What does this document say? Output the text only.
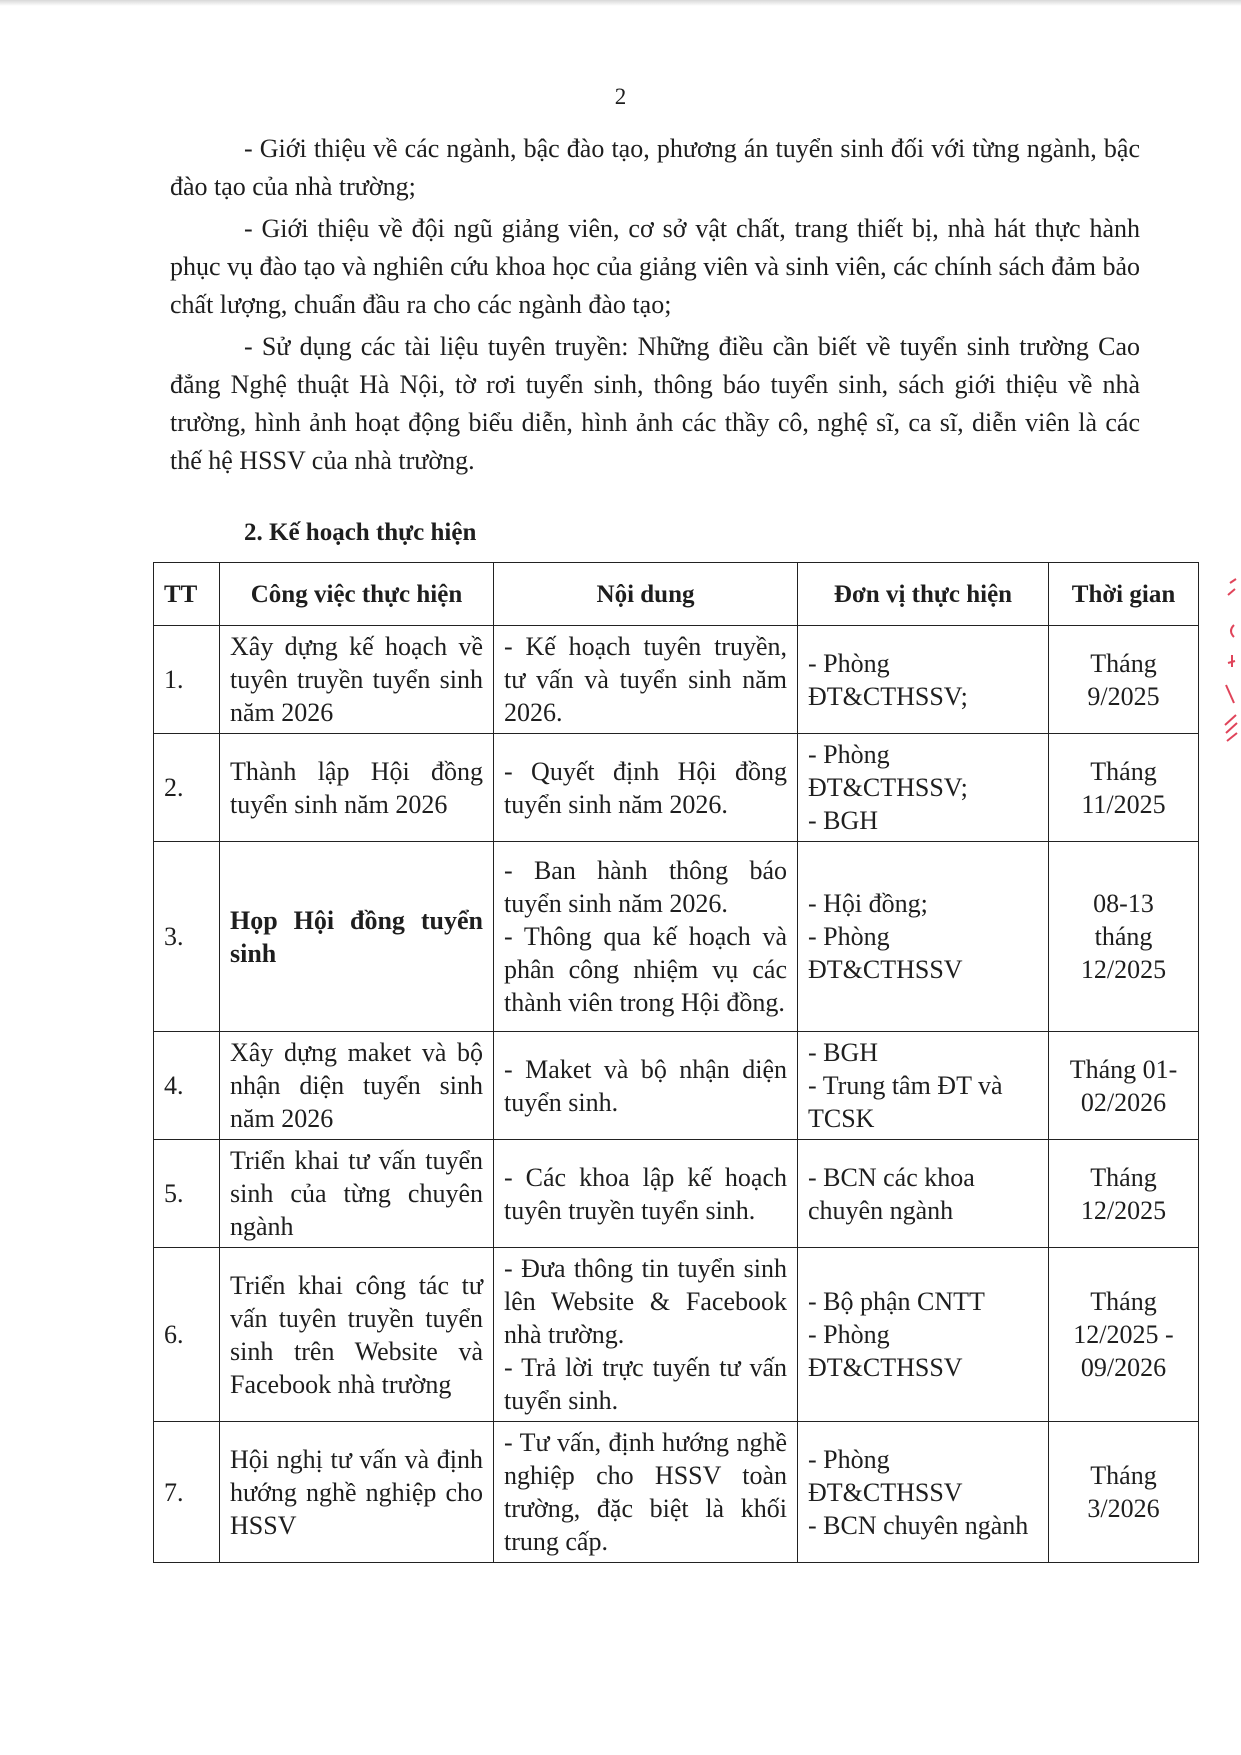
2

- Giới thiệu về các ngành, bậc đào tạo, phương án tuyển sinh đối với từng ngành, bậc đào tạo của nhà trường;

- Giới thiệu về đội ngũ giảng viên, cơ sở vật chất, trang thiết bị, nhà hát thực hành phục vụ đào tạo và nghiên cứu khoa học của giảng viên và sinh viên, các chính sách đảm bảo chất lượng, chuẩn đầu ra cho các ngành đào tạo;

- Sử dụng các tài liệu tuyên truyền: Những điều cần biết về tuyển sinh trường Cao đẳng Nghệ thuật Hà Nội, tờ rơi tuyển sinh, thông báo tuyển sinh, sách giới thiệu về nhà trường, hình ảnh hoạt động biểu diễn, hình ảnh các thầy cô, nghệ sĩ, ca sĩ, diễn viên là các thế hệ HSSV của nhà trường.

2. Kế hoạch thực hiện
TT	Công việc thực hiện	Nội dung	Đơn vị thực hiện	Thời gian
1.	Xây dựng kế hoạch về tuyên truyền tuyển sinh năm 2026	- Kế hoạch tuyên truyền, tư vấn và tuyển sinh năm 2026.	- Phòng ĐT&CTHSSV;	Tháng
9/2025

2.	Thành lập Hội đồng tuyển sinh năm 2026	- Quyết định Hội đồng tuyển sinh năm 2026.	- Phòng ĐT&CTHSSV;
- BGH	Tháng
11/2025

3.	Họp Hội đồng tuyển sinh	- Ban hành thông báo tuyển sinh năm 2026.
- Thông qua kế hoạch và phân công nhiệm vụ các thành viên trong Hội đồng.	- Hội đồng;
- Phòng ĐT&CTHSSV	08-13
tháng
12/2025

4.	Xây dựng maket và bộ nhận diện tuyển sinh năm 2026	- Maket và bộ nhận diện tuyển sinh.	- BGH
- Trung tâm ĐT và TCSK	Tháng 01-
02/2026

5.	Triển khai tư vấn tuyển sinh của từng chuyên ngành	- Các khoa lập kế hoạch tuyên truyền tuyển sinh.	- BCN các khoa chuyên ngành	Tháng
12/2025

6.	Triển khai công tác tư vấn tuyên truyền tuyển sinh trên Website và Facebook nhà trường	- Đưa thông tin tuyển sinh lên Website & Facebook nhà trường.
- Trả lời trực tuyến tư vấn tuyển sinh.	- Bộ phận CNTT
- Phòng ĐT&CTHSSV	Tháng
12/2025 -
09/2026

7.	Hội nghị tư vấn và định hướng nghề nghiệp cho HSSV	- Tư vấn, định hướng nghề nghiệp cho HSSV toàn trường, đặc biệt là khối trung cấp.	- Phòng ĐT&CTHSSV
- BCN chuyên ngành	Tháng
3/2026
